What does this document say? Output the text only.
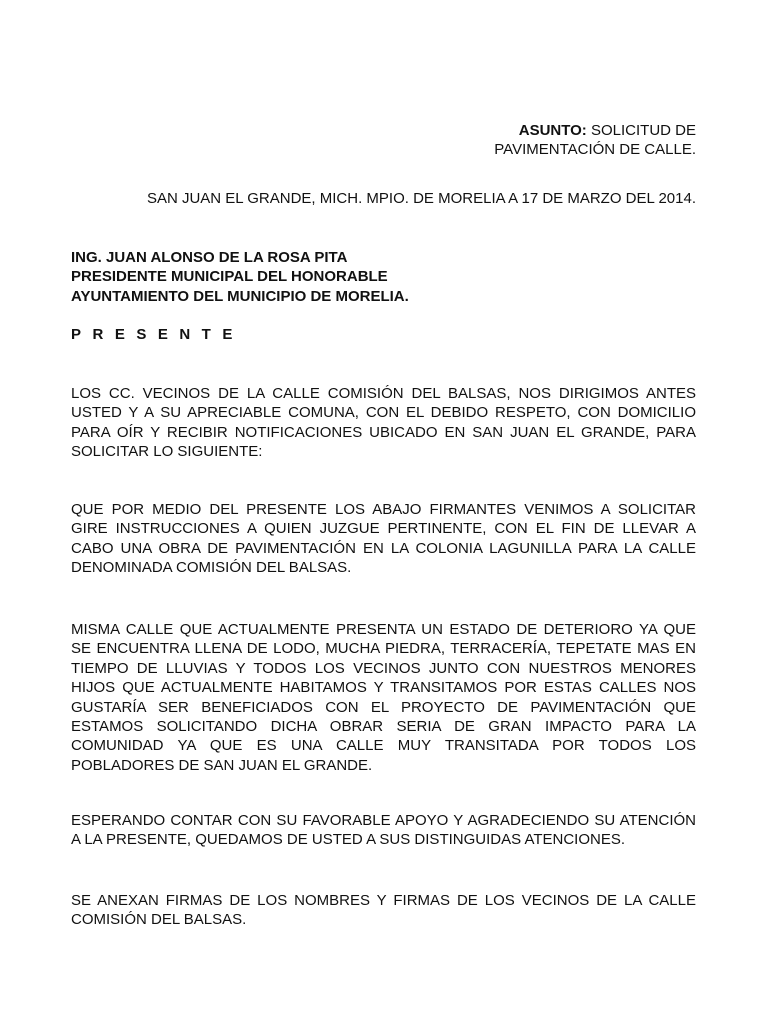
ASUNTO: SOLICITUD DE
PAVIMENTACIÓN DE CALLE.
SAN JUAN EL GRANDE, MICH. MPIO. DE MORELIA A 17 DE MARZO DEL 2014.
ING. JUAN ALONSO DE LA ROSA PITA
PRESIDENTE MUNICIPAL DEL HONORABLE
AYUNTAMIENTO DEL MUNICIPIO DE MORELIA.
PRESENTE
LOS CC. VECINOS DE LA CALLE COMISIÓN DEL BALSAS, NOS DIRIGIMOS ANTES USTED Y A SU APRECIABLE COMUNA, CON EL DEBIDO RESPETO, CON DOMICILIO PARA OÍR Y RECIBIR NOTIFICACIONES UBICADO EN SAN JUAN EL GRANDE, PARA SOLICITAR LO SIGUIENTE:
QUE POR MEDIO DEL PRESENTE LOS ABAJO FIRMANTES VENIMOS A SOLICITAR GIRE INSTRUCCIONES A QUIEN JUZGUE PERTINENTE, CON EL FIN DE LLEVAR A CABO UNA OBRA DE PAVIMENTACIÓN EN LA COLONIA LAGUNILLA PARA LA CALLE DENOMINADA COMISIÓN DEL BALSAS.
MISMA CALLE QUE ACTUALMENTE PRESENTA UN ESTADO DE DETERIORO YA QUE SE ENCUENTRA LLENA DE LODO, MUCHA PIEDRA, TERRACERÍA, TEPETATE MAS EN TIEMPO DE LLUVIAS Y TODOS LOS VECINOS JUNTO CON NUESTROS MENORES HIJOS QUE ACTUALMENTE HABITAMOS Y TRANSITAMOS POR ESTAS CALLES NOS GUSTARÍA SER BENEFICIADOS CON EL PROYECTO DE PAVIMENTACIÓN QUE ESTAMOS SOLICITANDO DICHA OBRAR SERIA DE GRAN IMPACTO PARA LA COMUNIDAD YA QUE ES UNA CALLE MUY TRANSITADA POR TODOS LOS POBLADORES DE SAN JUAN EL GRANDE.
ESPERANDO CONTAR CON SU FAVORABLE APOYO Y AGRADECIENDO SU ATENCIÓN A LA PRESENTE, QUEDAMOS DE USTED A SUS DISTINGUIDAS ATENCIONES.
SE ANEXAN FIRMAS DE LOS NOMBRES Y FIRMAS DE LOS VECINOS DE LA CALLE COMISIÓN DEL BALSAS.
